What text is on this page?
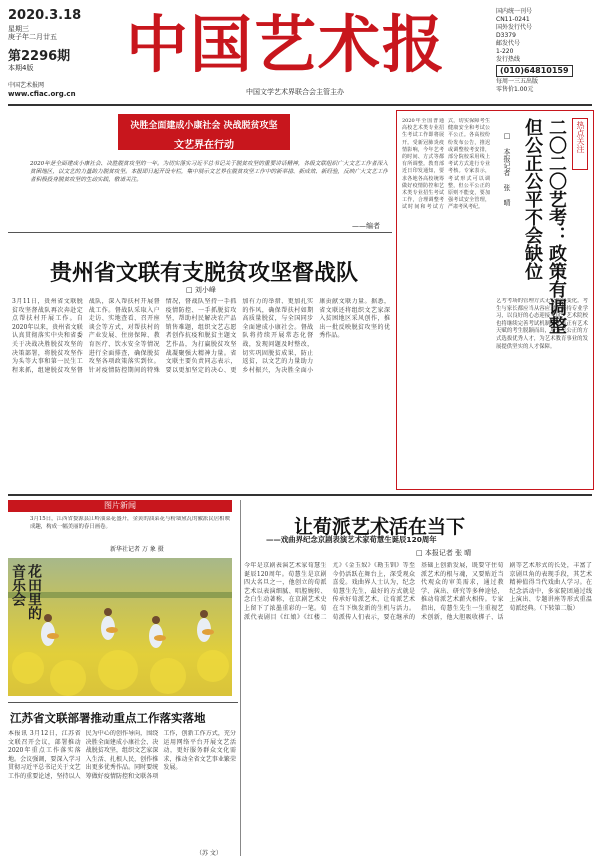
2020.3.18
星期三
庚子年二月廿五
第2296期
本期4版
中国艺术报网
www.cfiac.org.cn
中国艺术报
中国文学艺术界联合会主管主办
国内统一刊号
CN11-0241
国外发行代号
D3379
邮发代号
1-220
发行热线
(010)64810159
每周一三五出版
零售价1.00元
决胜全面建成小康社会 决战脱贫攻坚
文艺界在行动
2020年是全面建成小康社会、决胜脱贫攻坚的一年。为切实落实习近平总书记关于脱贫攻坚的重要讲话精神，各级文联组织广大文艺工作者深入贫困地区，以文艺的力量助力脱贫攻坚。本报即日起开设专栏，集中展示文艺界在脱贫攻坚工作中的新举措、新成效、新经验，反映广大文艺工作者积极投身脱贫攻坚的生动实践，敬请关注。
——编者
贵州省文联有支脱贫攻坚督战队
□ 刘小峰
3月11日，贵州省文联脱贫攻坚督战队再次奔赴定点帮扶村开展工作。自2020年以来，贵州省文联认真贯彻落实中央和省委关于决战决胜脱贫攻坚的决策部署，将脱贫攻坚作为头等大事和第一民生工程来抓，组建脱贫攻坚督战队，深入帮扶村开展督战工作。督战队采取入户走访、实地查看、召开座谈会等方式，对帮扶村的产业发展、住房保障、教育医疗、饮水安全等情况进行全面排查，确保脱贫攻坚各项政策落实到位。针对疫情防控期间的特殊情况，督战队坚持一手抓疫情防控、一手抓脱贫攻坚，帮助村民解决农产品销售难题，组织文艺志愿者创作抗疫和脱贫主题文艺作品，为打赢脱贫攻坚战凝聚强大精神力量。省文联主要负责同志表示，要以更加坚定的决心、更加有力的举措、更加扎实的作风，确保帮扶村如期高质量脱贫，与全国同步全面建成小康社会。督战队将持续开展常态化督战，发现问题及时整改，切实巩固脱贫成果，防止返贫，以文艺的力量助力乡村振兴，为决胜全面小康贡献文联力量。据悉，省文联还将组织文艺家深入贫困地区采风创作，推出一批反映脱贫攻坚的优秀作品。
2020年全国普通高校艺术类专业招生考试工作即将展开。受新冠肺炎疫情影响，今年艺考的时间、方式等都有所调整。教育部近日印发通知，要求各地各高校统筹做好疫情防控和艺术类专业招生考试工作，合理调整考试时间和考试方式，切实保障考生健康安全和考试公平公正。各高校纷纷发布公告，推迟或调整校考安排，部分院校采用线上考试方式进行专业考核。专家表示，考试形式可以调整，但公平公正的原则不能变，要加强考试安全管理，严肃考风考纪。
热点关注
二〇二〇艺考：政策有调整
但公正公平不会缺位
□ 本报记者 张 晴
艺考考场的管理方式无论如何变化，考生与家长都应当从容应对，坚持专业学习，以良好的心态迎接考试。艺术院校也将继续完善考试机制，让真正有艺术天赋的考生脱颖而出，用公平公正的方式选拔优秀人才，为艺术教育事业的发展提供坚实的人才保障。
图片新闻
3月15日，江西省婺源县江岭油菜花盛开，金黄的油菜花与粉墙黛瓦的徽派民居相映成趣，构成一幅美丽的春日画卷。
新华社记者 万 象 摄
花田里的
音乐会
让荀派艺术活在当下
——戏曲界纪念京剧表演艺术家荀慧生诞辰120周年
□ 本报记者 张 晴
今年是京剧表演艺术家荀慧生诞辰120周年。荀慧生是京剧四大名旦之一，他创立的荀派艺术以表演细腻、唱腔婉转、念白生动著称，在京剧艺术史上留下了浓墨重彩的一笔。荀派代表剧目《红娘》《红楼二尤》《金玉奴》《勘玉钏》等至今仍活跃在舞台上，深受观众喜爱。戏曲界人士认为，纪念荀慧生先生，最好的方式就是传承好荀派艺术，让荀派艺术在当下焕发新的生机与活力。荀派传人们表示，要在继承的基础上创新发展，既要守住荀派艺术的根与魂，又要贴近当代观众的审美需求，通过教学、演出、研究等多种途径，推动荀派艺术薪火相传。专家指出，荀慧生先生一生重视艺术创新，他大胆吸收梆子、话剧等艺术形式的长处，丰富了京剧旦角的表现手段，其艺术精神值得当代戏曲人学习。在纪念活动中，多家院团通过线上演出、专题讲座等形式重温荀派经典。（下转第二版）
江苏省文联部署推动重点工作落实落地
本报讯 3月12日，江苏省文联召开会议，部署推动2020年重点工作落实落地。会议强调，要深入学习贯彻习近平总书记关于文艺工作的重要论述，坚持以人民为中心的创作导向，围绕决胜全面建成小康社会、决战脱贫攻坚，组织文艺家深入生活、扎根人民，创作推出更多优秀作品。同时要统筹做好疫情防控和文联各项工作，创新工作方式，充分运用网络平台开展文艺活动，更好服务群众文化需求，推动全省文艺事业繁荣发展。
（苏 文）
